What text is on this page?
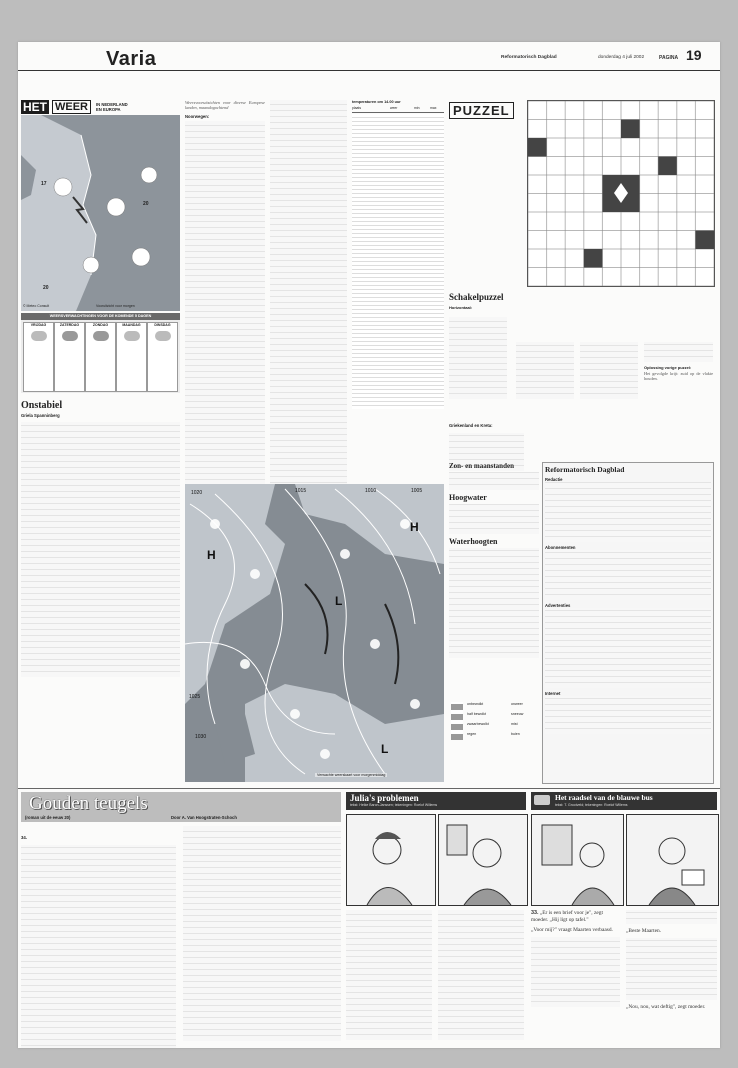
Varia	Reformatorisch Dagblad	donderdag 4 juli 2002	PAGINA 19
HET WEER	IN NEDERLAND
EN EUROPA
17
20
20
© Meteo Consult	Vooruitzicht voor morgen
WEERSVERWACHTINGEN VOOR DE KOMENDE 5 DAGEN
VRIJDAG	ZATERDAG	ZONDAG	MAANDAG	DINSDAG
Onstabiel
Griela Spanninberg
Weersvooruitzichten voor diverse Europese landen, maandagochtend
Noorwegen:
temperaturen om 14.00 uur
plaats	weer	min	max	PUZZEL
Schakelpuzzel
Horizontaal:
Oplossing vorige puzzel:
Het gevolgde krijt: zuid op de vlakte houden.
Griekenland en Kreta:
H
H
L
L
1020	1015	1010	1005
1025
1030
Verwachte weerskaart voor morgenmiddag
Zon- en maanstanden
Hoogwater
Waterhoogten
onbewolkt
half bewolkt
zwaarbewolkt
regen
onweer
sneeuw
mist
buien
Reformatorisch Dagblad
Redactie
Abonnementen
Advertenties
Internet
Gouden teugels
(roman uit de eeuw 20)	Door A. Van Hoogstraten-Schoch
34.
Julia's problemen
tekst: Heike Baron-Janssen; tekeningen: Roelof Willems
Het raadsel van de blauwe bus
tekst: T. Grootveld; tekeningen: Roelof Willems
33. „Er is een brief voor je", zegt moeder. „Hij ligt op tafel."
„Voor mij?" vraagt Maarten verbaasd.	„Beste Maarten.
„Nou, nou, wat deftig", zegt moeder.
